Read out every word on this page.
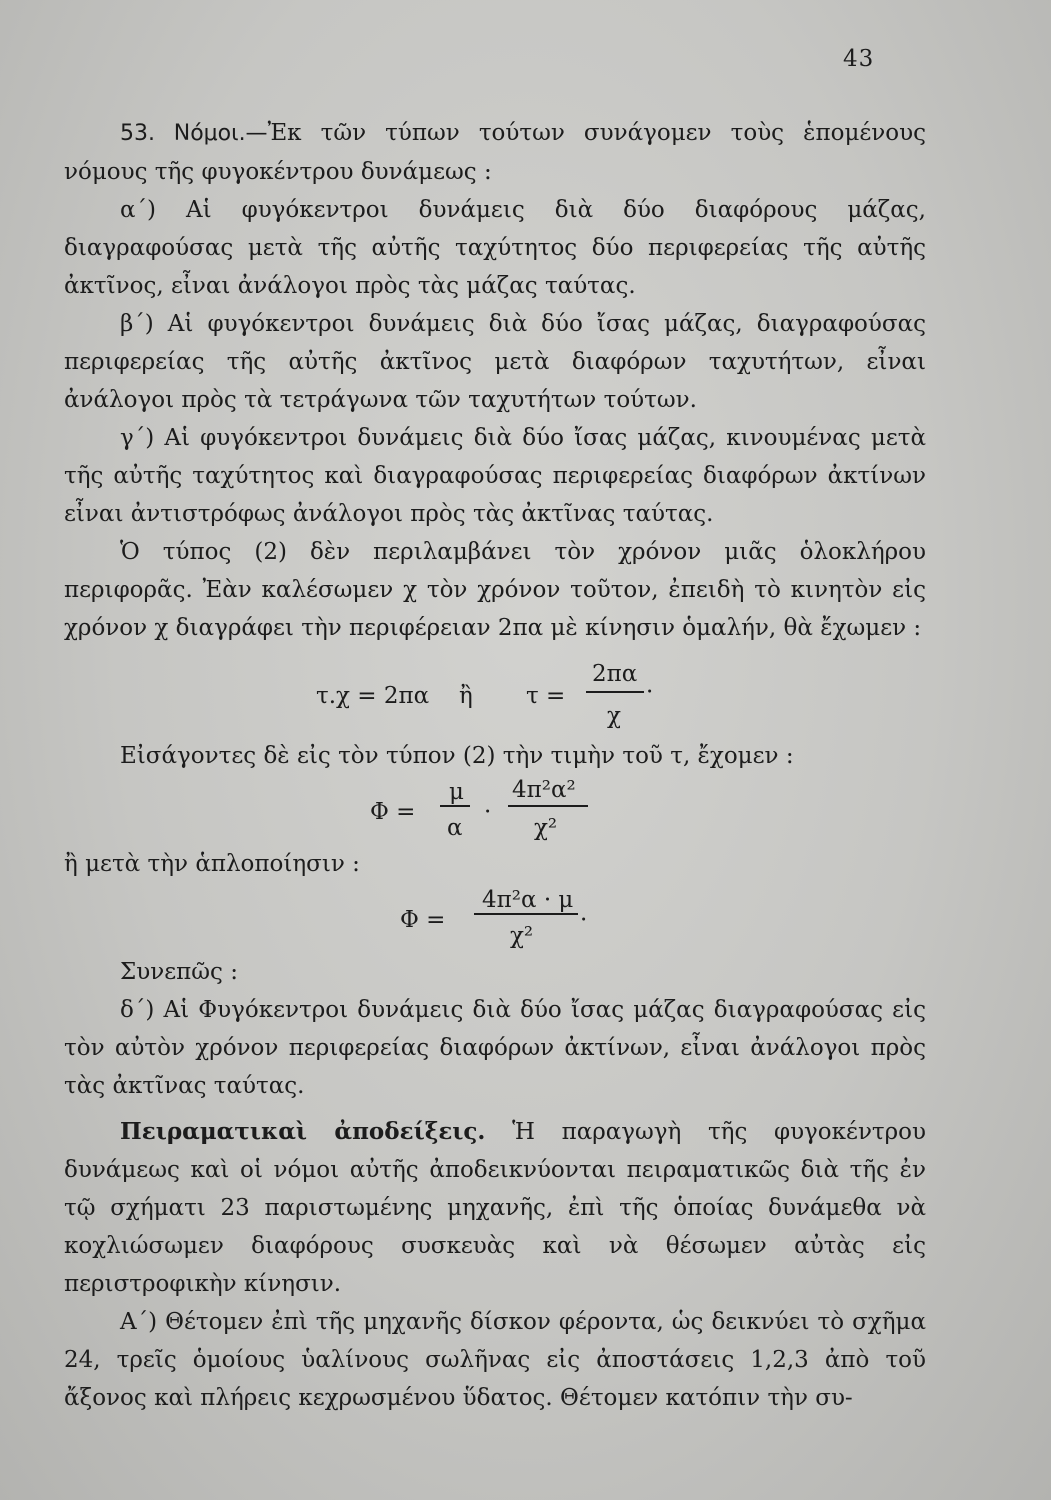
43

53. Νόμοι.—Ἐκ τῶν τύπων τούτων συνάγομεν τοὺς ἑπομένους νόμους τῆς φυγοκέντρου δυνάμεως :

α΄) Αἱ φυγόκεντροι δυνάμεις διὰ δύο διαφόρους μάζας, διαγραφούσας μετὰ τῆς αὐτῆς ταχύτητος δύο περιφερείας τῆς αὐτῆς ἀκτῖνος, εἶναι ἀνάλογοι πρὸς τὰς μάζας ταύτας.

β΄) Αἱ φυγόκεντροι δυνάμεις διὰ δύο ἴσας μάζας, διαγραφούσας περιφερείας τῆς αὐτῆς ἀκτῖνος μετὰ διαφόρων ταχυτήτων, εἶναι ἀνάλογοι πρὸς τὰ τετράγωνα τῶν ταχυτήτων τούτων.

γ΄) Αἱ φυγόκεντροι δυνάμεις διὰ δύο ἴσας μάζας, κινουμένας μετὰ τῆς αὐτῆς ταχύτητος καὶ διαγραφούσας περιφερείας διαφόρων ἀκτίνων εἶναι ἀντιστρόφως ἀνάλογοι πρὸς τὰς ἀκτῖνας ταύτας.

Ὁ τύπος (2) δὲν περιλαμβάνει τὸν χρόνον μιᾶς ὁλοκλήρου περιφορᾶς. Ἐὰν καλέσωμεν χ τὸν χρόνον τοῦτον, ἐπειδὴ τὸ κινητὸν εἰς χρόνον χ διαγράφει τὴν περιφέρειαν 2πα μὲ κίνησιν ὁμαλήν, θὰ ἔχωμεν :

τ.χ = 2πα ἢ τ =
2πα
χ
·

Εἰσάγοντες δὲ εἰς τὸν τύπον (2) τὴν τιμὴν τοῦ τ, ἔχομεν :

Φ =
μ
α
·
4π²α²
χ²
ἢ μετὰ τὴν ἁπλοποίησιν :
Φ =
4π²α · μ
χ²
·

Συνεπῶς :

δ΄) Αἱ Φυγόκεντροι δυνάμεις διὰ δύο ἴσας μάζας διαγραφούσας εἰς τὸν αὐτὸν χρόνον περιφερείας διαφόρων ἀκτίνων, εἶναι ἀνάλογοι πρὸς τὰς ἀκτῖνας ταύτας.

Πειραματικαὶ ἀποδείξεις. Ἡ παραγωγὴ τῆς φυγοκέντρου δυνάμεως καὶ οἱ νόμοι αὐτῆς ἀποδεικνύονται πειραματικῶς διὰ τῆς ἐν τῷ σχήματι 23 παριστωμένης μηχανῆς, ἐπὶ τῆς ὁποίας δυνάμεθα νὰ κοχλιώσωμεν διαφόρους συσκευὰς καὶ νὰ θέσωμεν αὐτὰς εἰς περιστροφικὴν κίνησιν.

Α΄) Θέτομεν ἐπὶ τῆς μηχανῆς δίσκον φέροντα, ὡς δεικνύει τὸ σχῆμα 24, τρεῖς ὁμοίους ὑαλίνους σωλῆνας εἰς ἀποστάσεις 1,2,3 ἀπὸ τοῦ ἄξονος καὶ πλήρεις κεχρωσμένου ὕδατος. Θέτομεν κατόπιν τὴν συ-
